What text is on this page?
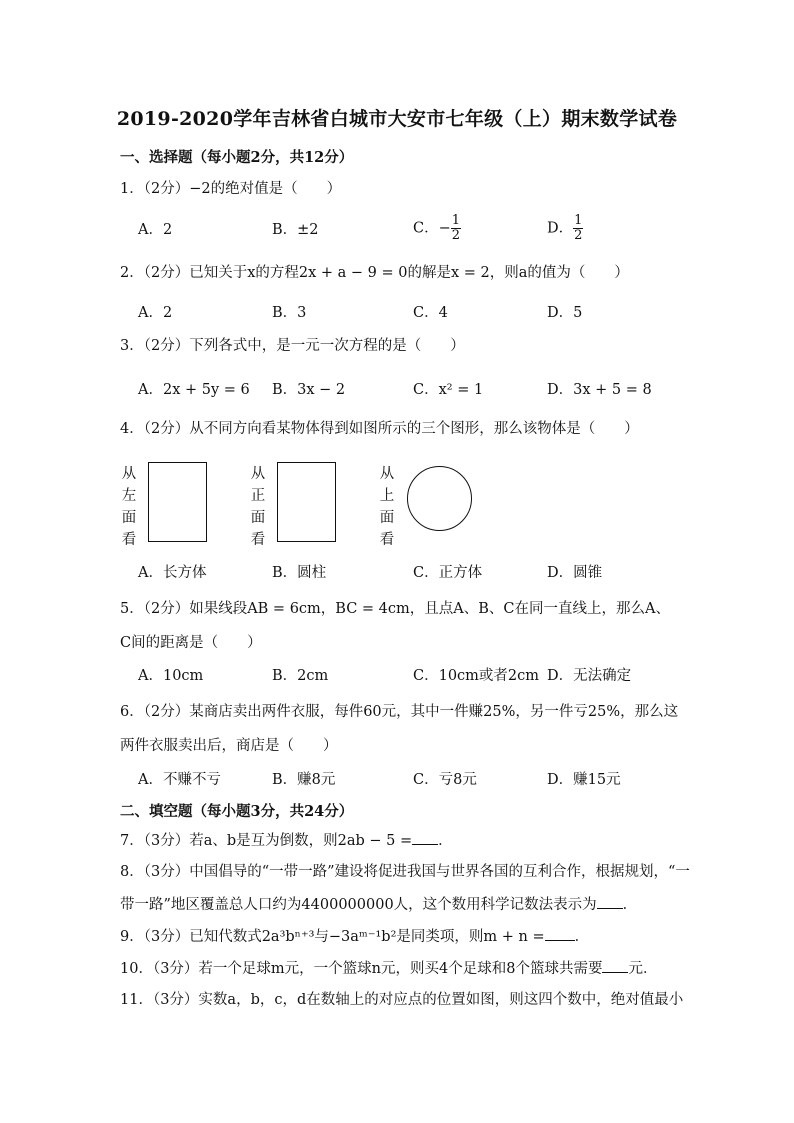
2019-2020学年吉林省白城市大安市七年级（上）期末数学试卷
一、选择题（每小题2分，共12分）
1．（2分）−2的绝对值是（　　）
A．2	B．±2	C．− $\frac{1}{2}$	D． $\frac{1}{2}$
2．（2分）已知关于x的方程2x + a − 9 = 0的解是x = 2，则a的值为（　　）
A．2	B．3	C．4	D．5
3．（2分）下列各式中，是一元一次方程的是（　　）
A．2x + 5y = 6 B．3x − 2	C．x² = 1	D．3x + 5 = 8
4．（2分）从不同方向看某物体得到如图所示的三个图形，那么该物体是（　　）
从
左
面
看
从
正
面
看
从
上
面
看
A．长方体	B．圆柱	C．正方体	D．圆锥
5．（2分）如果线段AB = 6cm，BC = 4cm，且点A、B、C在同一直线上，那么A、C间的距离是（　　）
A．10cm	B．2cm	C．10cm或者2cm D．无法确定
6．（2分）某商店卖出两件衣服，每件60元，其中一件赚25%，另一件亏25%，那么这两件衣服卖出后，商店是（　　）
A．不赚不亏	B．赚8元	C．亏8元	D．赚15元
二、填空题（每小题3分，共24分）
7．（3分）若a、b是互为倒数，则2ab − 5 = ．
8．（3分）中国倡导的“一带一路”建设将促进我国与世界各国的互利合作，根据规划，“一
带一路”地区覆盖总人口约为4400000000人，这个数用科学记数法表示为 ．
9．（3分）已知代数式2a³bⁿ⁺³与−3aᵐ⁻¹b²是同类项，则m + n = ．
10．（3分）若一个足球m元，一个篮球n元，则买4个足球和8个篮球共需要 元．
11．（3分）实数a，b，c，d在数轴上的对应点的位置如图，则这四个数中，绝对值最小
